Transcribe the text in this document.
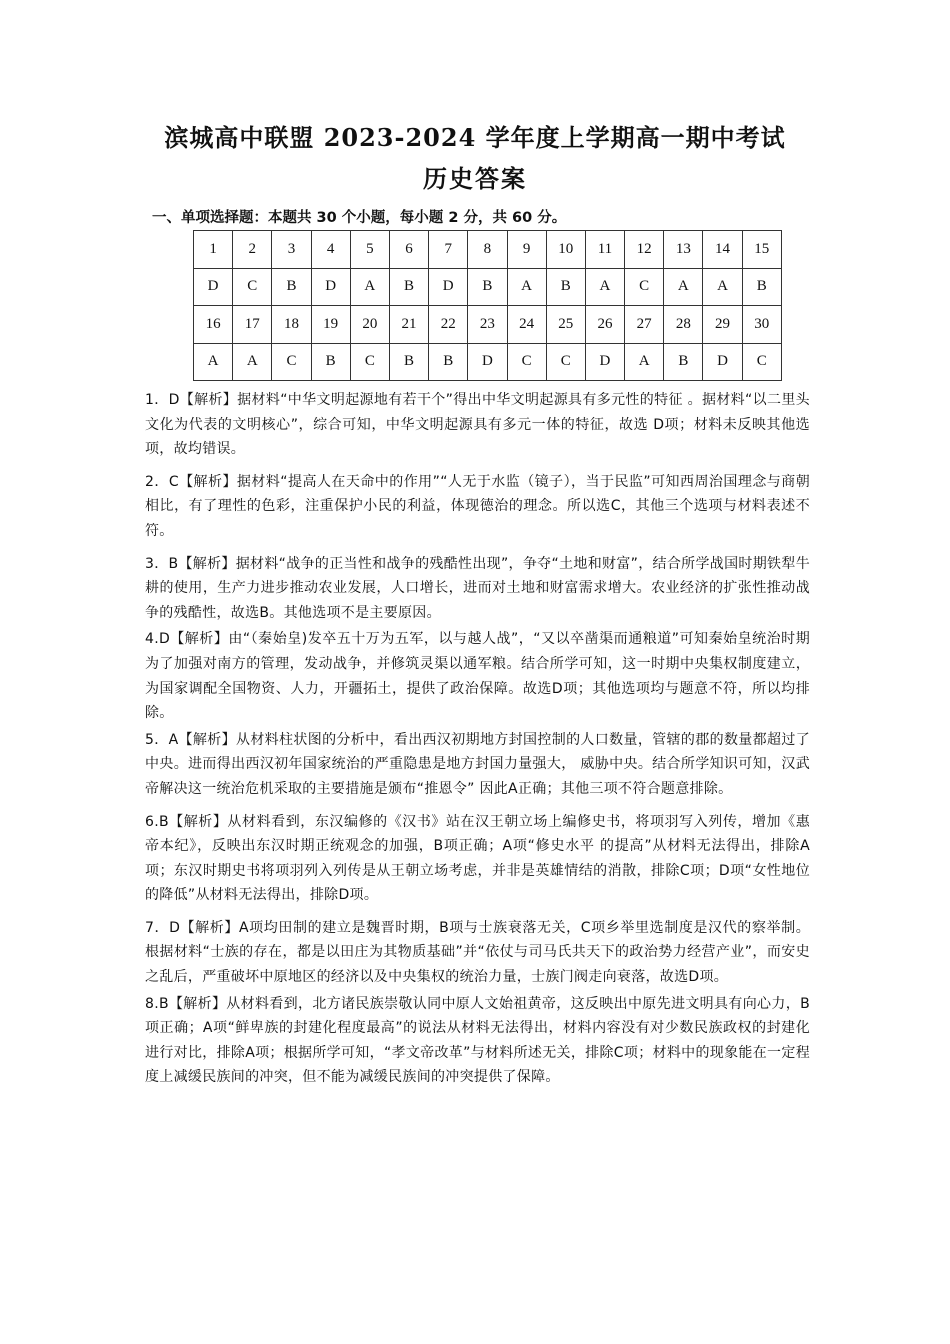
滨城高中联盟 2023-2024 学年度上学期高一期中考试
历史答案
一、单项选择题：本题共 30 个小题，每小题 2 分，共 60 分。
1	2	3	4	5	6	7	8	9	10	11	12	13	14	15
D	C	B	D	A	B	D	B	A	B	A	C	A	A	B
16	17	18	19	20	21	22	23	24	25	26	27	28	29	30
A	A	C	B	C	B	B	D	C	C	D	A	B	D	C

1．D【解析】据材料“中华文明起源地有若干个”得出中华文明起源具有多元性的特征 。据材料“以二里头文化为代表的文明核心”，综合可知，中华文明起源具有多元一体的特征，故选 D项；材料未反映其他选项，故均错误。

2．C【解析】据材料“提高人在天命中的作用”“人无于水监（镜子），当于民监”可知西周治国理念与商朝相比，有了理性的色彩，注重保护小民的利益，体现德治的理念。所以选C，其他三个选项与材料表述不符。

3．B【解析】据材料“战争的正当性和战争的残酷性出现”，争夺“土地和财富”，结合所学战国时期铁犁牛耕的使用，生产力进步推动农业发展，人口增长，进而对土地和财富需求增大。农业经济的扩张性推动战争的残酷性，故选B。其他选项不是主要原因。

4.D【解析】由“（秦始皇)发卒五十万为五军，以与越人战”，“又以卒凿渠而通粮道”可知秦始皇统治时期为了加强对南方的管理，发动战争，并修筑灵渠以通军粮。结合所学可知，这一时期中央集权制度建立，为国家调配全国物资、人力，开疆拓土，提供了政治保障。故选D项；其他选项均与题意不符，所以均排除。

5．A【解析】从材料柱状图的分析中，看出西汉初期地方封国控制的人口数量，管辖的郡的数量都超过了中央。进而得出西汉初年国家统治的严重隐患是地方封国力量强大， 威胁中央。结合所学知识可知，汉武帝解决这一统治危机采取的主要措施是颁布“推恩令” 因此A正确；其他三项不符合题意排除。

6.B【解析】从材料看到，东汉编修的《汉书》站在汉王朝立场上编修史书，将项羽写入列传，增加《惠帝本纪》，反映出东汉时期正统观念的加强，B项正确；A项“修史水平 的提高”从材料无法得出，排除A项；东汉时期史书将项羽列入列传是从王朝立场考虑，并非是英雄情结的消散，排除C项；D项“女性地位的降低”从材料无法得出，排除D项。

7．D【解析】A项均田制的建立是魏晋时期，B项与士族衰落无关，C项乡举里选制度是汉代的察举制。根据材料“士族的存在，都是以田庄为其物质基础”并“依仗与司马氏共天下的政治势力经营产业”，而安史之乱后，严重破坏中原地区的经济以及中央集权的统治力量，士族门阀走向衰落，故选D项。

8.B【解析】从材料看到，北方诸民族崇敬认同中原人文始祖黄帝，这反映出中原先进文明具有向心力，B项正确；A项“鲜卑族的封建化程度最高”的说法从材料无法得出，材料内容没有对少数民族政权的封建化进行对比，排除A项；根据所学可知，“孝文帝改革”与材料所述无关，排除C项；材料中的现象能在一定程度上减缓民族间的冲突，但不能为减缓民族间的冲突提供了保障。
